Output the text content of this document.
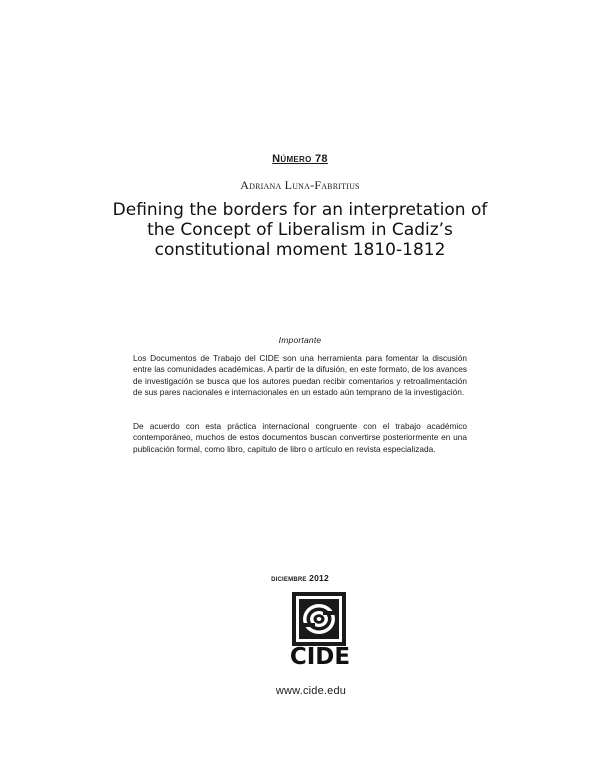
Número 78
Adriana Luna-Fabritius
Defining the borders for an interpretation of the Concept of Liberalism in Cadiz’s constitutional moment 1810-1812
Importante
Los Documentos de Trabajo del CIDE son una herramienta para fomentar la discusión entre las comunidades académicas. A partir de la difusión, en este formato, de los avances de investigación se busca que los autores puedan recibir comentarios y retroalimentación de sus pares nacionales e internacionales en un estado aún temprano de la investigación.
De acuerdo con esta práctica internacional congruente con el trabajo académico contemporáneo, muchos de estos documentos buscan convertirse posteriormente en una publicación formal, como libro, capítulo de libro o artículo en revista especializada.
diciembre 2012
CIDE
www.cide.edu
